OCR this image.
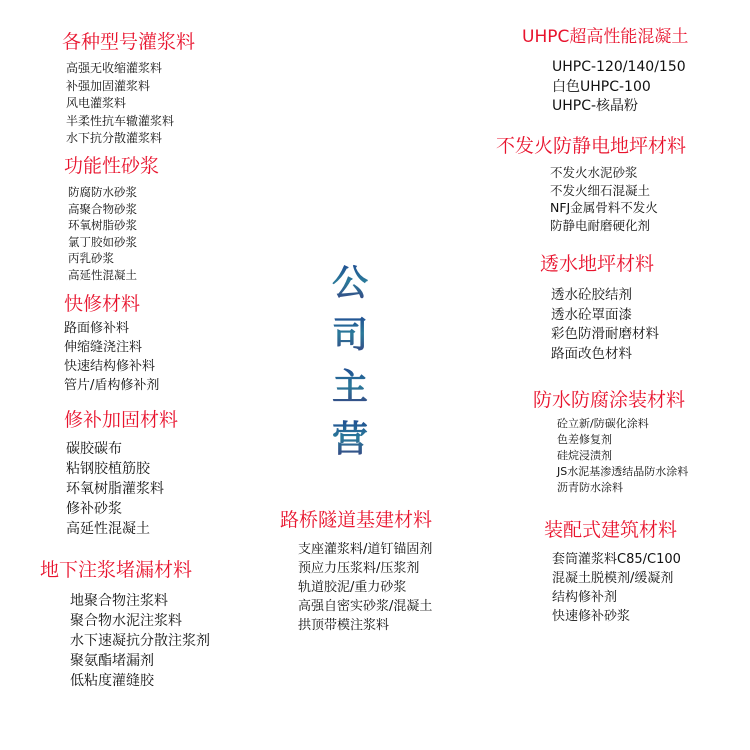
各种型号灌浆料
高强无收缩灌浆料
补强加固灌浆料
风电灌浆料
半柔性抗车辙灌浆料
水下抗分散灌浆料
功能性砂浆
防腐防水砂浆
高聚合物砂浆
环氧树脂砂浆
氯丁胶如砂浆
丙乳砂浆
高延性混凝土
快修材料
路面修补料
伸缩缝浇注料
快速结构修补料
管片/盾构修补剂
修补加固材料
碳胶碳布
粘钢胶植筋胶
环氧树脂灌浆料
修补砂浆
高延性混凝土
地下注浆堵漏材料
地聚合物注浆料
聚合物水泥注浆料
水下速凝抗分散注浆剂
聚氨酯堵漏剂
低粘度灌缝胶
公
司
主
营
路桥隧道基建材料
支座灌浆料/道钉锚固剂
预应力压浆料/压浆剂
轨道胶泥/重力砂浆
高强自密实砂浆/混凝土
拱顶带模注浆料
UHPC超高性能混凝土
UHPC-120/140/150
白色UHPC-100
UHPC-核晶粉
不发火防静电地坪材料
不发火水泥砂浆
不发火细石混凝土
NFJ金属骨料不发火
防静电耐磨硬化剂
透水地坪材料
透水砼胶结剂
透水砼罩面漆
彩色防滑耐磨材料
路面改色材料
防水防腐涂装材料
砼立新/防碳化涂料
色差修复剂
硅烷浸渍剂
JS水泥基渗透结晶防水涂料
沥青防水涂料
装配式建筑材料
套筒灌浆料C85/C100
混凝土脱模剂/缓凝剂
结构修补剂
快速修补砂浆
